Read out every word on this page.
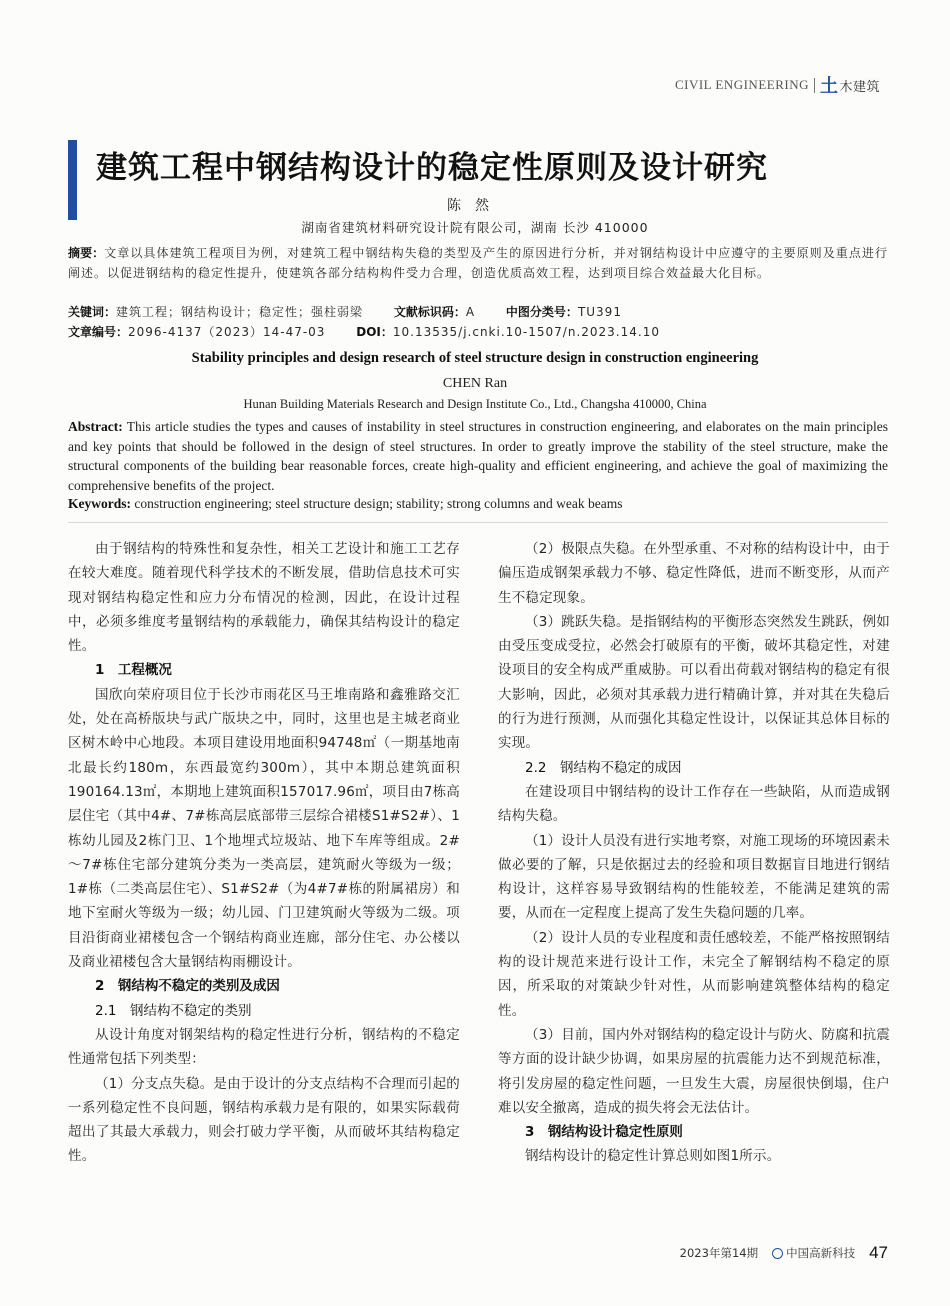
CIVIL ENGINEERING 土 木建筑
建筑工程中钢结构设计的稳定性原则及设计研究
陈然
湖南省建筑材料研究设计院有限公司，湖南 长沙 410000
摘要：文章以具体建筑工程项目为例，对建筑工程中钢结构失稳的类型及产生的原因进行分析，并对钢结构设计中应遵守的主要原则及重点进行阐述。以促进钢结构的稳定性提升，使建筑各部分结构构件受力合理，创造优质高效工程，达到项目综合效益最大化目标。
关键词：建筑工程；钢结构设计；稳定性；强柱弱梁	文献标识码：A	中图分类号：TU391
文章编号：2096-4137（2023）14-47-03	DOI：10.13535/j.cnki.10-1507/n.2023.14.10
Stability principles and design research of steel structure design in construction engineering
CHEN Ran
Hunan Building Materials Research and Design Institute Co., Ltd., Changsha 410000, China
Abstract: This article studies the types and causes of instability in steel structures in construction engineering, and elaborates on the main principles and key points that should be followed in the design of steel structures. In order to greatly improve the stability of the steel structure, make the structural components of the building bear reasonable forces, create high-quality and efficient engineering, and achieve the goal of maximizing the comprehensive benefits of the project.
Keywords: construction engineering; steel structure design; stability; strong columns and weak beams

由于钢结构的特殊性和复杂性，相关工艺设计和施工工艺存在较大难度。随着现代科学技术的不断发展，借助信息技术可实现对钢结构稳定性和应力分布情况的检测，因此，在设计过程中，必须多维度考量钢结构的承载能力，确保其结构设计的稳定性。

1　工程概况

国欣向荣府项目位于长沙市雨花区马王堆南路和鑫雅路交汇处，处在高桥版块与武广版块之中，同时，这里也是主城老商业区树木岭中心地段。本项目建设用地面积94748㎡（一期基地南北最长约180m，东西最宽约300m），其中本期总建筑面积190164.13㎡，本期地上建筑面积157017.96㎡，项目由7栋高层住宅（其中4#、7#栋高层底部带三层综合裙楼S1#S2#）、1栋幼儿园及2栋门卫、1个地埋式垃圾站、地下车库等组成。2#～7#栋住宅部分建筑分类为一类高层，建筑耐火等级为一级；1#栋（二类高层住宅）、S1#S2#（为4#7#栋的附属裙房）和地下室耐火等级为一级；幼儿园、门卫建筑耐火等级为二级。项目沿街商业裙楼包含一个钢结构商业连廊，部分住宅、办公楼以及商业裙楼包含大量钢结构雨棚设计。

2　钢结构不稳定的类别及成因
2.1　钢结构不稳定的类别

从设计角度对钢架结构的稳定性进行分析，钢结构的不稳定性通常包括下列类型：

（1）分支点失稳。是由于设计的分支点结构不合理而引起的一系列稳定性不良问题，钢结构承载力是有限的，如果实际载荷超出了其最大承载力，则会打破力学平衡，从而破坏其结构稳定性。

（2）极限点失稳。在外型承重、不对称的结构设计中，由于偏压造成钢架承载力不够、稳定性降低，进而不断变形，从而产生不稳定现象。

（3）跳跃失稳。是指钢结构的平衡形态突然发生跳跃，例如由受压变成受拉，必然会打破原有的平衡，破坏其稳定性，对建设项目的安全构成严重威胁。可以看出荷载对钢结构的稳定有很大影响，因此，必须对其承载力进行精确计算，并对其在失稳后的行为进行预测，从而强化其稳定性设计，以保证其总体目标的实现。

2.2　钢结构不稳定的成因

在建设项目中钢结构的设计工作存在一些缺陷，从而造成钢结构失稳。

（1）设计人员没有进行实地考察，对施工现场的环境因素未做必要的了解，只是依据过去的经验和项目数据盲目地进行钢结构设计，这样容易导致钢结构的性能较差，不能满足建筑的需要，从而在一定程度上提高了发生失稳问题的几率。

（2）设计人员的专业程度和责任感较差，不能严格按照钢结构的设计规范来进行设计工作，未完全了解钢结构不稳定的原因，所采取的对策缺少针对性，从而影响建筑整体结构的稳定性。

（3）目前，国内外对钢结构的稳定设计与防火、防腐和抗震等方面的设计缺少协调，如果房屋的抗震能力达不到规范标准，将引发房屋的稳定性问题，一旦发生大震，房屋很快倒塌，住户难以安全撤离，造成的损失将会无法估计。

3　钢结构设计稳定性原则

钢结构设计的稳定性计算总则如图1所示。

2023年第14期 中国高新科技 47
